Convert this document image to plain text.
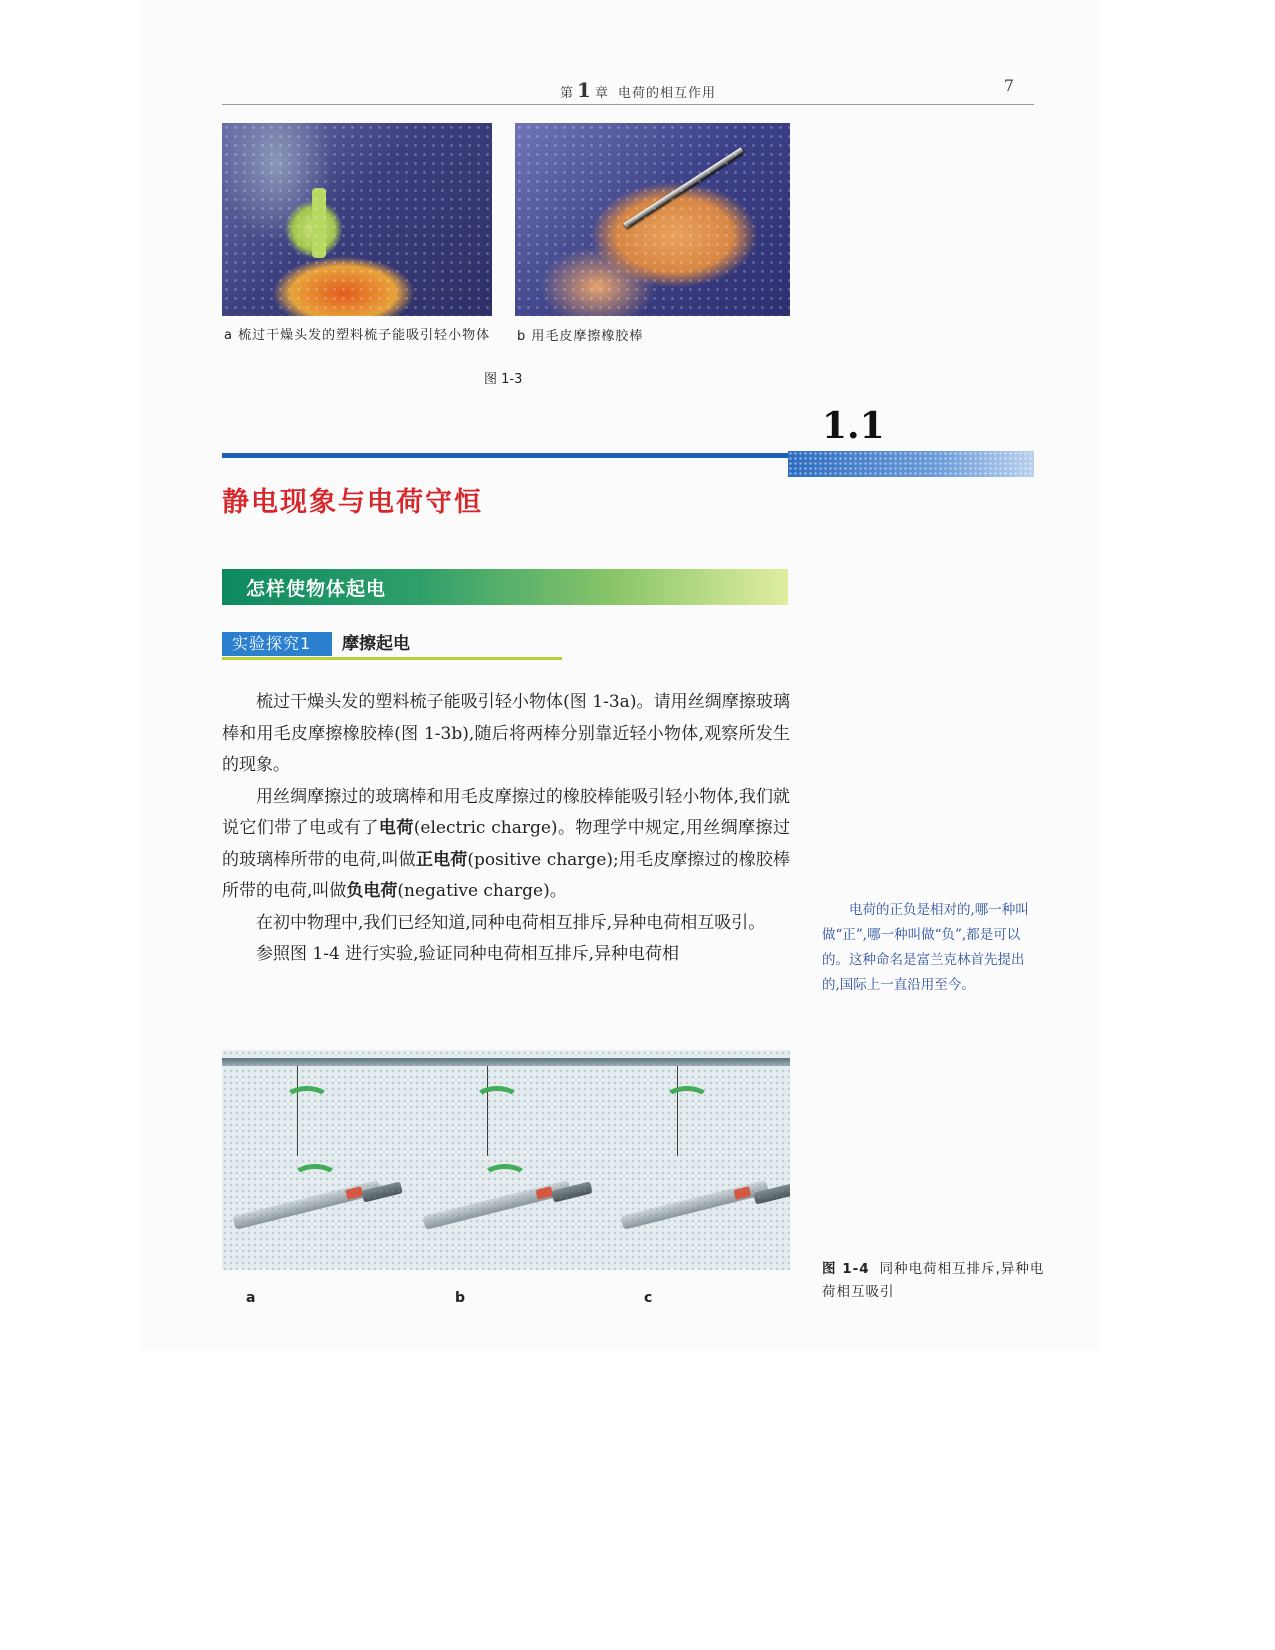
第 1 章 电荷的相互作用	7
a 梳过干燥头发的塑料梳子能吸引轻小物体 b 用毛皮摩擦橡胶棒
图 1-3
1.1
静电现象与电荷守恒
怎样使物体起电
实验探究1	摩擦起电

梳过干燥头发的塑料梳子能吸引轻小物体(图 1-3a)。请用丝绸摩擦玻璃棒和用毛皮摩擦橡胶棒(图 1-3b),随后将两棒分别靠近轻小物体,观察所发生的现象。

用丝绸摩擦过的玻璃棒和用毛皮摩擦过的橡胶棒能吸引轻小物体,我们就说它们带了电或有了电荷(electric charge)。物理学中规定,用丝绸摩擦过的玻璃棒所带的电荷,叫做正电荷(positive charge);用毛皮摩擦过的橡胶棒所带的电荷,叫做负电荷(negative charge)。

在初中物理中,我们已经知道,同种电荷相互排斥,异种电荷相互吸引。

参照图 1-4 进行实验,验证同种电荷相互排斥,异种电荷相

电荷的正负是相对的,哪一种叫做“正”,哪一种叫做“负”,都是可以的。这种命名是富兰克林首先提出的,国际上一直沿用至今。
a	b	c
图 1-4 同种电荷相互排斥,异种电荷相互吸引
